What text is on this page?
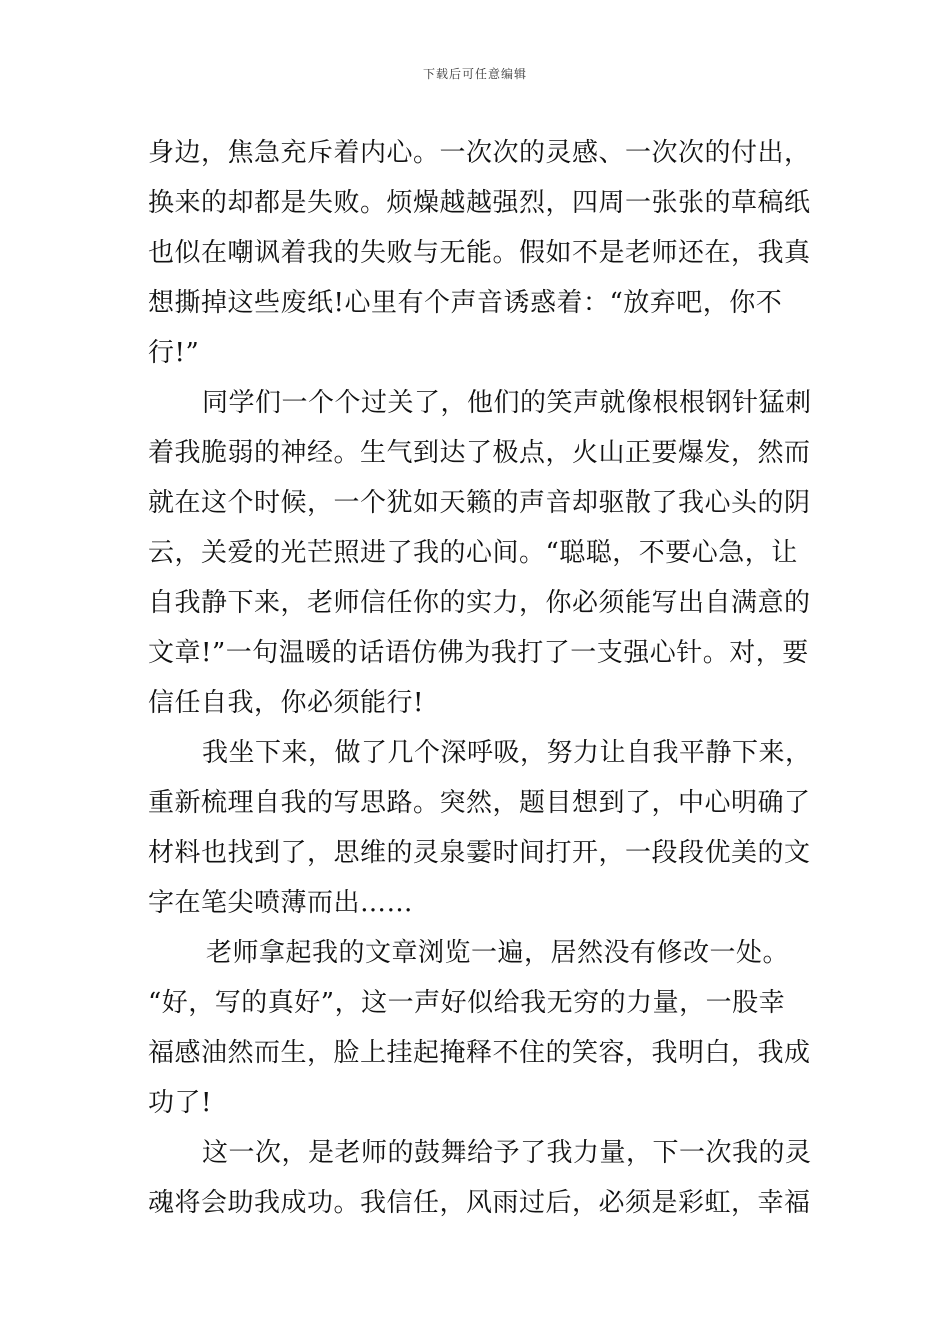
下载后可任意编辑
身边，焦急充斥着内心。一次次的灵感、一次次的付出，
换来的却都是失败。烦燥越越强烈，四周一张张的草稿纸
也似在嘲讽着我的失败与无能。假如不是老师还在，我真
想撕掉这些废纸!心里有个声音诱惑着：“放弃吧，你不
行!”
同学们一个个过关了，他们的笑声就像根根钢针猛刺
着我脆弱的神经。生气到达了极点，火山正要爆发，然而
就在这个时候，一个犹如天籁的声音却驱散了我心头的阴
云，关爱的光芒照进了我的心间。“聪聪，不要心急，让
自我静下来，老师信任你的实力，你必须能写出自满意的
文章!”一句温暖的话语仿佛为我打了一支强心针。对，要
信任自我，你必须能行!
我坐下来，做了几个深呼吸，努力让自我平静下来，
重新梳理自我的写思路。突然，题目想到了，中心明确了
材料也找到了，思维的灵泉霎时间打开，一段段优美的文
字在笔尖喷薄而出……
老师拿起我的文章浏览一遍，居然没有修改一处。
“好，写的真好”，这一声好似给我无穷的力量，一股幸
福感油然而生，脸上挂起掩释不住的笑容，我明白，我成
功了!
这一次，是老师的鼓舞给予了我力量，下一次我的灵
魂将会助我成功。我信任，风雨过后，必须是彩虹，幸福
